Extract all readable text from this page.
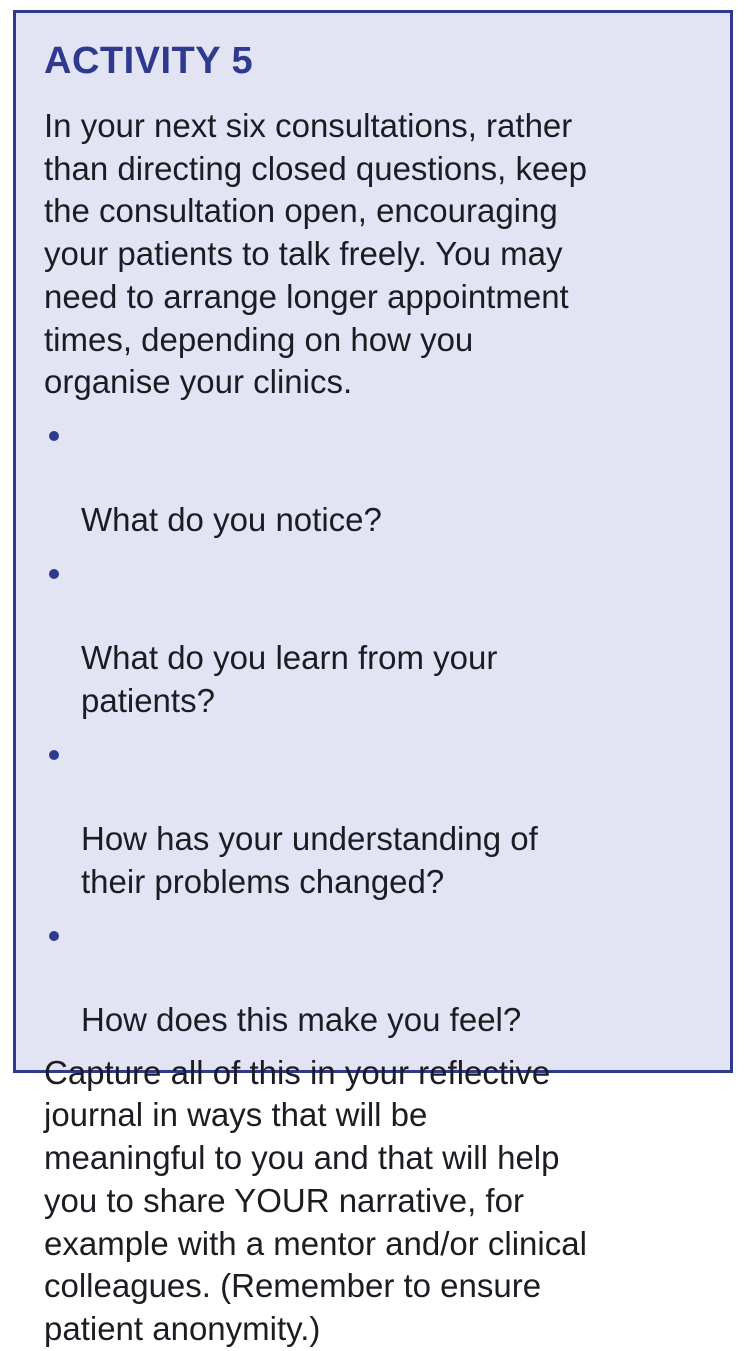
ACTIVITY 5

In your next six consultations, rather
than directing closed questions, keep
the consultation open, encouraging
your patients to talk freely. You may
need to arrange longer appointment
times, depending on how you
organise your clinics.

What do you notice?

What do you learn from your
patients?

How has your understanding of
their problems changed?

How does this make you feel?

Capture all of this in your reflective
journal in ways that will be
meaningful to you and that will help
you to share YOUR narrative, for
example with a mentor and/or clinical
colleagues. (Remember to ensure
patient anonymity.)
